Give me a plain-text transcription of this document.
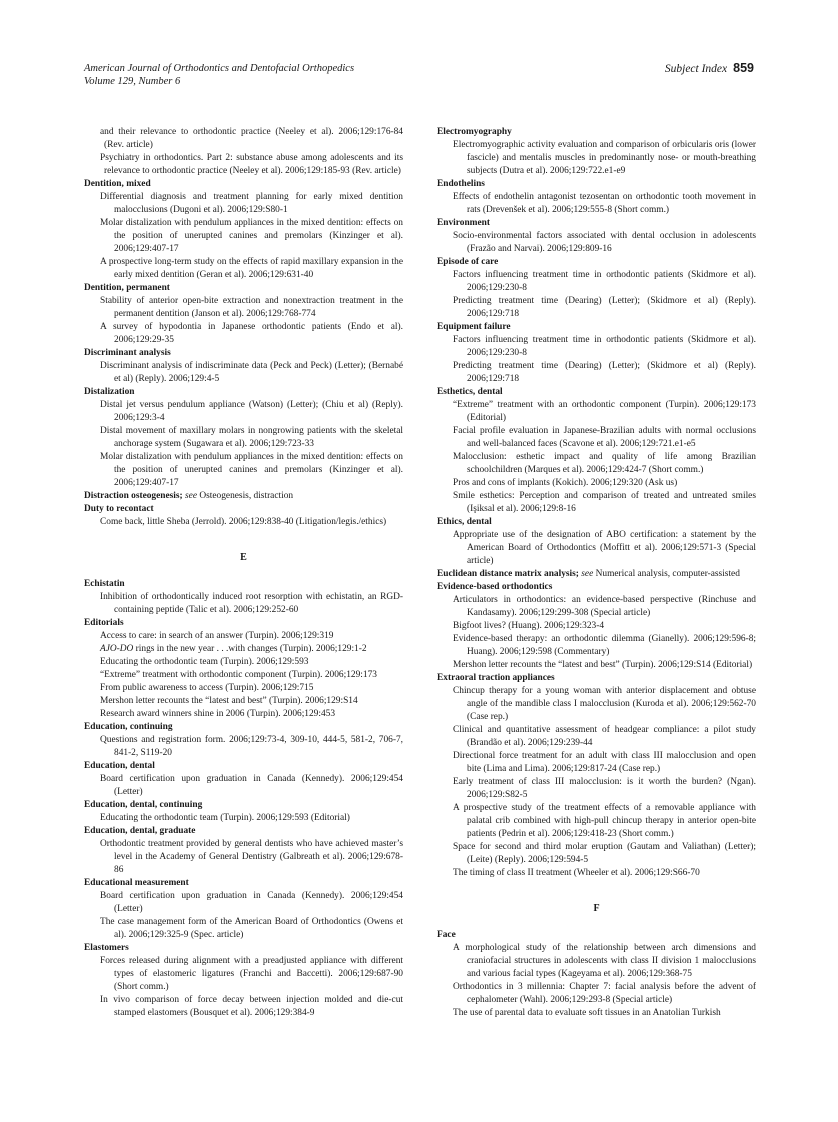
American Journal of Orthodontics and Dentofacial Orthopedics
Volume 129, Number 6
Subject Index 859

and their relevance to orthodontic practice (Neeley et al). 2006;129:176-84 (Rev. article)

Psychiatry in orthodontics. Part 2: substance abuse among adolescents and its relevance to orthodontic practice (Neeley et al). 2006;129:185-93 (Rev. article)

Dentition, mixed

Differential diagnosis and treatment planning for early mixed dentition malocclusions (Dugoni et al). 2006;129:S80-1

Molar distalization with pendulum appliances in the mixed dentition: effects on the position of unerupted canines and premolars (Kinzinger et al). 2006;129:407-17

A prospective long-term study on the effects of rapid maxillary expansion in the early mixed dentition (Geran et al). 2006;129:631-40

Dentition, permanent

Stability of anterior open-bite extraction and nonextraction treatment in the permanent dentition (Janson et al). 2006;129:768-774

A survey of hypodontia in Japanese orthodontic patients (Endo et al). 2006;129:29-35

Discriminant analysis

Discriminant analysis of indiscriminate data (Peck and Peck) (Letter); (Bernabé et al) (Reply). 2006;129:4-5

Distalization

Distal jet versus pendulum appliance (Watson) (Letter); (Chiu et al) (Reply). 2006;129:3-4

Distal movement of maxillary molars in nongrowing patients with the skeletal anchorage system (Sugawara et al). 2006;129:723-33

Molar distalization with pendulum appliances in the mixed dentition: effects on the position of unerupted canines and premolars (Kinzinger et al). 2006;129:407-17

Distraction osteogenesis; see Osteogenesis, distraction

Duty to recontact

Come back, little Sheba (Jerrold). 2006;129:838-40 (Litigation/legis./ethics)

E

Echistatin

Inhibition of orthodontically induced root resorption with echistatin, an RGD-containing peptide (Talic et al). 2006;129:252-60

Editorials

Access to care: in search of an answer (Turpin). 2006;129:319

AJO-DO rings in the new year . . .with changes (Turpin). 2006;129:1-2

Educating the orthodontic team (Turpin). 2006;129:593

“Extreme” treatment with orthodontic component (Turpin). 2006;129:173

From public awareness to access (Turpin). 2006;129:715

Mershon letter recounts the “latest and best” (Turpin). 2006;129:S14

Research award winners shine in 2006 (Turpin). 2006;129:453

Education, continuing

Questions and registration form. 2006;129:73-4, 309-10, 444-5, 581-2, 706-7, 841-2, S119-20

Education, dental

Board certification upon graduation in Canada (Kennedy). 2006;129:454 (Letter)

Education, dental, continuing

Educating the orthodontic team (Turpin). 2006;129:593 (Editorial)

Education, dental, graduate

Orthodontic treatment provided by general dentists who have achieved master’s level in the Academy of General Dentistry (Galbreath et al). 2006;129:678-86

Educational measurement

Board certification upon graduation in Canada (Kennedy). 2006;129:454 (Letter)

The case management form of the American Board of Orthodontics (Owens et al). 2006;129:325-9 (Spec. article)

Elastomers

Forces released during alignment with a preadjusted appliance with different types of elastomeric ligatures (Franchi and Baccetti). 2006;129:687-90 (Short comm.)

In vivo comparison of force decay between injection molded and die-cut stamped elastomers (Bousquet et al). 2006;129:384-9

Electromyography

Electromyographic activity evaluation and comparison of orbicularis oris (lower fascicle) and mentalis muscles in predominantly nose- or mouth-breathing subjects (Dutra et al). 2006;129:722.e1-e9

Endothelins

Effects of endothelin antagonist tezosentan on orthodontic tooth movement in rats (Drevenšek et al). 2006;129:555-8 (Short comm.)

Environment

Socio-environmental factors associated with dental occlusion in adolescents (Frazão and Narvai). 2006;129:809-16

Episode of care

Factors influencing treatment time in orthodontic patients (Skidmore et al). 2006;129:230-8

Predicting treatment time (Dearing) (Letter); (Skidmore et al) (Reply). 2006;129:718

Equipment failure

Factors influencing treatment time in orthodontic patients (Skidmore et al). 2006;129:230-8

Predicting treatment time (Dearing) (Letter); (Skidmore et al) (Reply). 2006;129:718

Esthetics, dental

“Extreme” treatment with an orthodontic component (Turpin). 2006;129:173 (Editorial)

Facial profile evaluation in Japanese-Brazilian adults with normal occlusions and well-balanced faces (Scavone et al). 2006;129:721.e1-e5

Malocclusion: esthetic impact and quality of life among Brazilian schoolchildren (Marques et al). 2006;129:424-7 (Short comm.)

Pros and cons of implants (Kokich). 2006;129:320 (Ask us)

Smile esthetics: Perception and comparison of treated and untreated smiles (Işiksal et al). 2006;129:8-16

Ethics, dental

Appropriate use of the designation of ABO certification: a statement by the American Board of Orthodontics (Moffitt et al). 2006;129:571-3 (Special article)

Euclidean distance matrix analysis; see Numerical analysis, computer-assisted

Evidence-based orthodontics

Articulators in orthodontics: an evidence-based perspective (Rinchuse and Kandasamy). 2006;129:299-308 (Special article)

Bigfoot lives? (Huang). 2006;129:323-4

Evidence-based therapy: an orthodontic dilemma (Gianelly). 2006;129:596-8; Huang). 2006;129:598 (Commentary)

Mershon letter recounts the “latest and best” (Turpin). 2006;129:S14 (Editorial)

Extraoral traction appliances

Chincup therapy for a young woman with anterior displacement and obtuse angle of the mandible class I malocclusion (Kuroda et al). 2006;129:562-70 (Case rep.)

Clinical and quantitative assessment of headgear compliance: a pilot study (Brandão et al). 2006;129:239-44

Directional force treatment for an adult with class III malocclusion and open bite (Lima and Lima). 2006;129:817-24 (Case rep.)

Early treatment of class III malocclusion: is it worth the burden? (Ngan). 2006;129:S82-5

A prospective study of the treatment effects of a removable appliance with palatal crib combined with high-pull chincup therapy in anterior open-bite patients (Pedrin et al). 2006;129:418-23 (Short comm.)

Space for second and third molar eruption (Gautam and Valiathan) (Letter); (Leite) (Reply). 2006;129:594-5

The timing of class II treatment (Wheeler et al). 2006;129:S66-70

F

Face

A morphological study of the relationship between arch dimensions and craniofacial structures in adolescents with class II division 1 malocclusions and various facial types (Kageyama et al). 2006;129:368-75

Orthodontics in 3 millennia: Chapter 7: facial analysis before the advent of cephalometer (Wahl). 2006;129:293-8 (Special article)

The use of parental data to evaluate soft tissues in an Anatolian Turkish
